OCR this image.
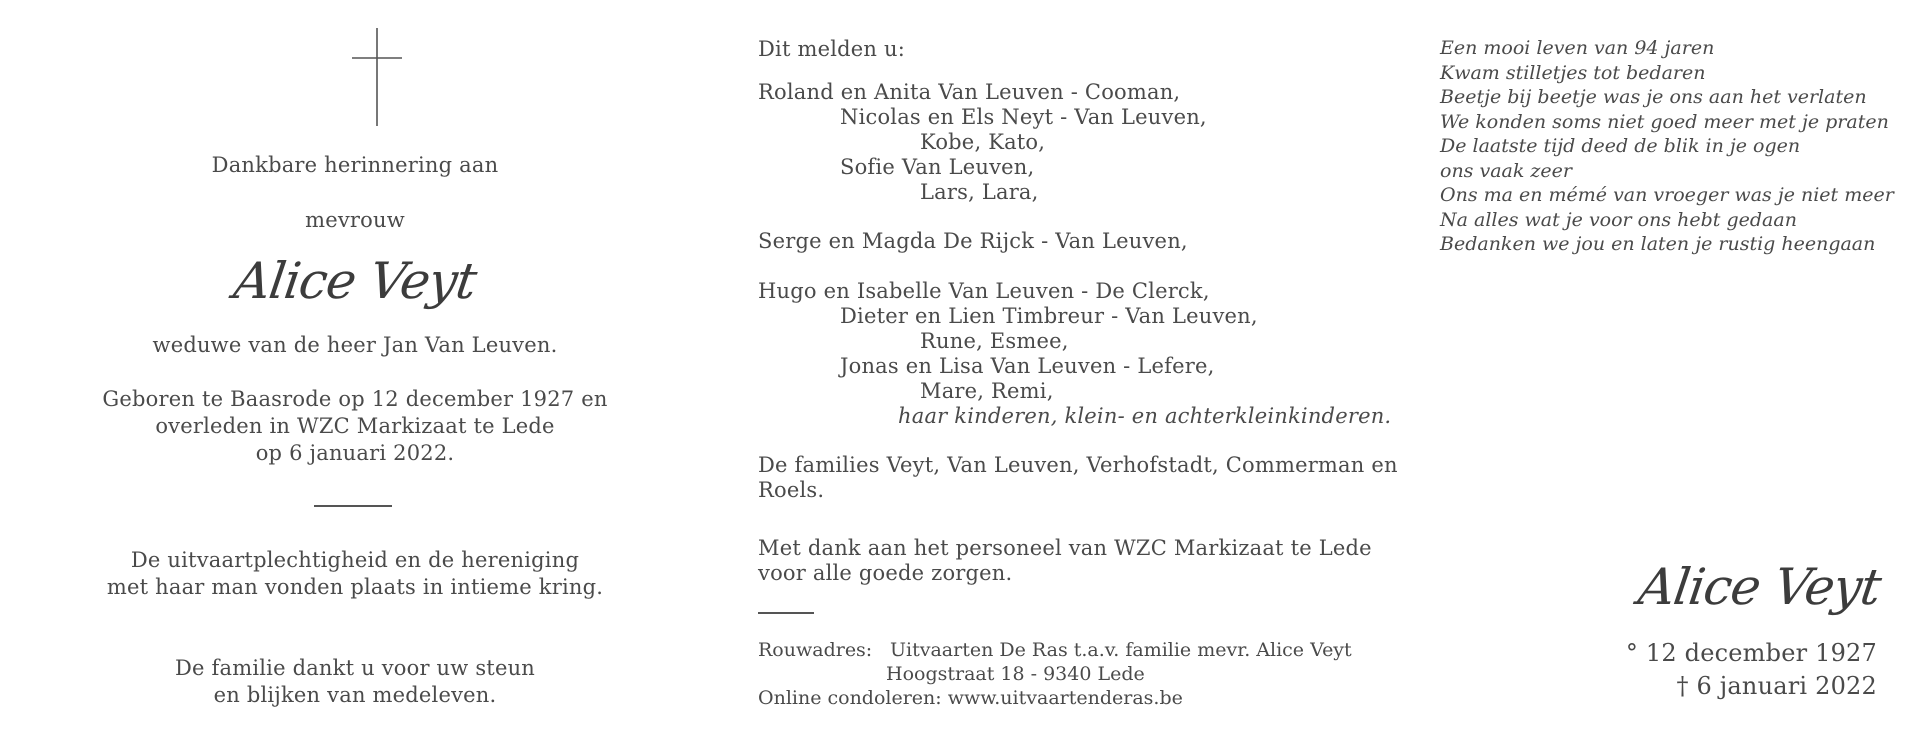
Dankbare herinnering aan
mevrouw
Alice Veyt
weduwe van de heer Jan Van Leuven.
Geboren te Baasrode op 12 december 1927 en
overleden in WZC Markizaat te Lede
op 6 januari 2022.
De uitvaartplechtigheid en de hereniging
met haar man vonden plaats in intieme kring.
De familie dankt u voor uw steun
en blijken van medeleven.
Dit melden u:
Roland en Anita Van Leuven - Cooman,
Nicolas en Els Neyt - Van Leuven,
Kobe, Kato,
Sofie Van Leuven,
Lars, Lara,
Serge en Magda De Rijck - Van Leuven,
Hugo en Isabelle Van Leuven - De Clerck,
Dieter en Lien Timbreur - Van Leuven,
Rune, Esmee,
Jonas en Lisa Van Leuven - Lefere,
Mare, Remi,
haar kinderen, klein- en achterkleinkinderen.
De families Veyt, Van Leuven, Verhofstadt, Commerman en
Roels.
Met dank aan het personeel van WZC Markizaat te Lede
voor alle goede zorgen.
Rouwadres: Uitvaarten De Ras t.a.v. familie mevr. Alice Veyt
Hoogstraat 18 - 9340 Lede
Online condoleren: www.uitvaartenderas.be
Een mooi leven van 94 jaren
Kwam stilletjes tot bedaren
Beetje bij beetje was je ons aan het verlaten
We konden soms niet goed meer met je praten
De laatste tijd deed de blik in je ogen
ons vaak zeer
Ons ma en mémé van vroeger was je niet meer
Na alles wat je voor ons hebt gedaan
Bedanken we jou en laten je rustig heengaan
Alice Veyt
° 12 december 1927
† 6 januari 2022
